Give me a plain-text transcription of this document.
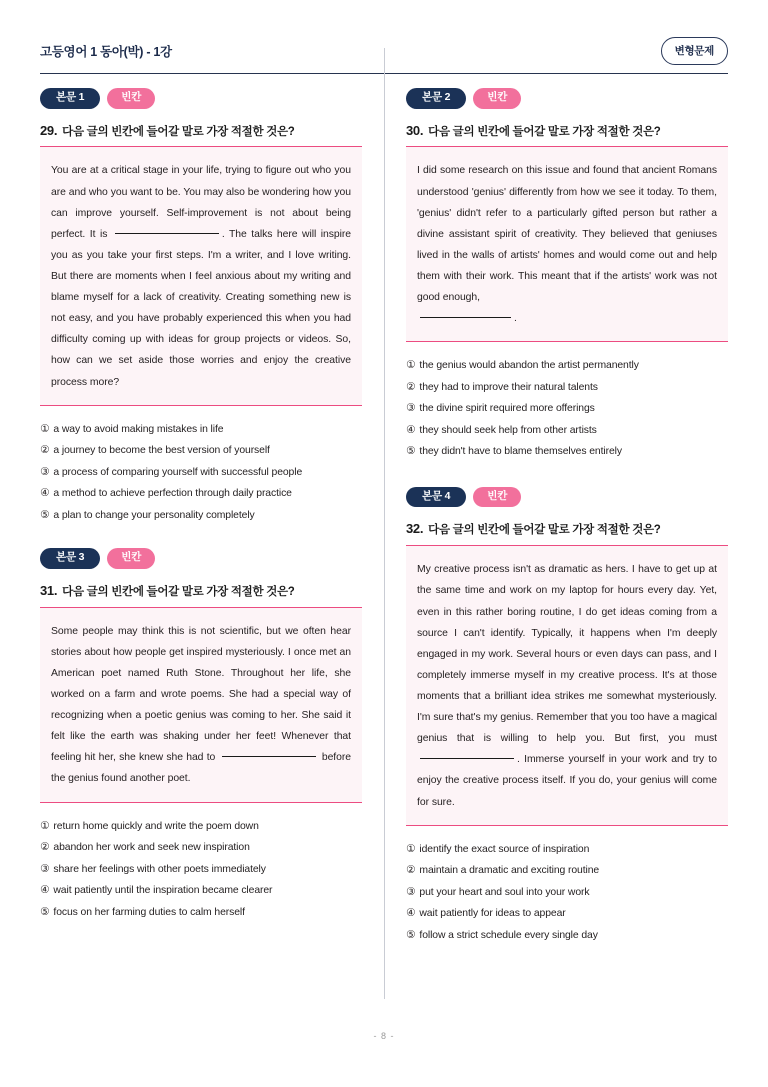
고등영어 1 동아(박) - 1강	변형문제
본문 1	빈칸
29. 다음 글의 빈칸에 들어갈 말로 가장 적절한 것은?

You are at a critical stage in your life, trying to figure out who you are and who you want to be. You may also be wondering how you can improve yourself. Self-improvement is not about being perfect. It is	. The talks here will inspire you as you take your first steps. I'm a writer, and I love writing. But there are moments when I feel anxious about my writing and blame myself for a lack of creativity. Creating something new is not easy, and you have probably experienced this when you had difficulty coming up with ideas for group projects or videos. So, how can we set aside those worries and enjoy the creative process more?

① a way to avoid making mistakes in life
② a journey to become the best version of yourself
③ a process of comparing yourself with successful people
④ a method to achieve perfection through daily practice
⑤ a plan to change your personality completely
본문 3	빈칸
31. 다음 글의 빈칸에 들어갈 말로 가장 적절한 것은?

Some people may think this is not scientific, but we often hear stories about how people get inspired mysteriously. I once met an American poet named Ruth Stone. Throughout her life, she worked on a farm and wrote poems. She had a special way of recognizing when a poetic genius was coming to her. She said it felt like the earth was shaking under her feet! Whenever that feeling hit her, she knew she had to	before the genius found another poet.

① return home quickly and write the poem down
② abandon her work and seek new inspiration
③ share her feelings with other poets immediately
④ wait patiently until the inspiration became clearer
⑤ focus on her farming duties to calm herself
본문 2	빈칸
30. 다음 글의 빈칸에 들어갈 말로 가장 적절한 것은?

I did some research on this issue and found that ancient Romans understood 'genius' differently from how we see it today. To them, 'genius' didn't refer to a particularly gifted person but rather a divine assistant spirit of creativity. They believed that geniuses lived in the walls of artists' homes and would come out and help them with their work. This meant that if the artists' work was not good enough,
.

① the genius would abandon the artist permanently
② they had to improve their natural talents
③ the divine spirit required more offerings
④ they should seek help from other artists
⑤ they didn't have to blame themselves entirely
본문 4	빈칸
32. 다음 글의 빈칸에 들어갈 말로 가장 적절한 것은?

My creative process isn't as dramatic as hers. I have to get up at the same time and work on my laptop for hours every day. Yet, even in this rather boring routine, I do get ideas coming from a source I can't identify. Typically, it happens when I'm deeply engaged in my work. Several hours or even days can pass, and I completely immerse myself in my creative process. It's at those moments that a brilliant idea strikes me somewhat mysteriously. I'm sure that's my genius. Remember that you too have a magical genius that is willing to help you. But first, you must . Immerse yourself in your work and try to enjoy the creative process itself. If you do, your genius will come for sure.

① identify the exact source of inspiration
② maintain a dramatic and exciting routine
③ put your heart and soul into your work
④ wait patiently for ideas to appear
⑤ follow a strict schedule every single day
- 8 -
